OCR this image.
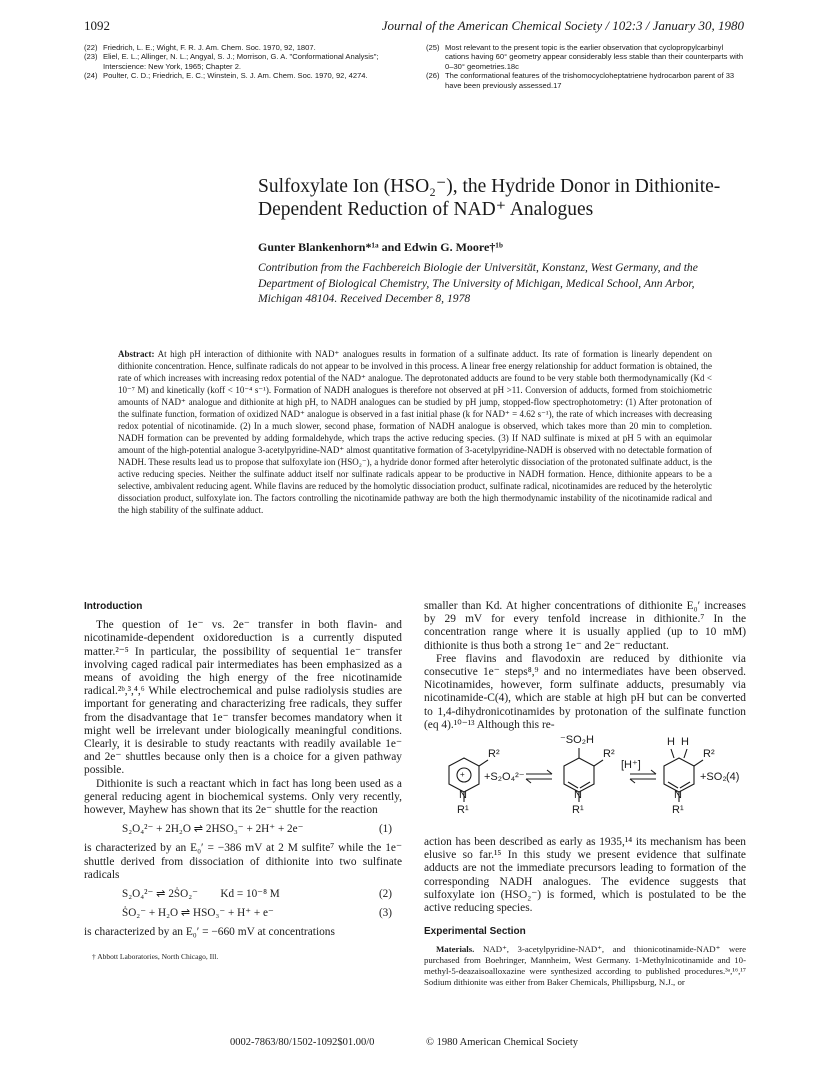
1092	Journal of the American Chemical Society / 102:3 / January 30, 1980
(22) Friedrich, L. E.; Wight, F. R. J. Am. Chem. Soc. 1970, 92, 1807.
(23) Eliel, E. L.; Allinger, N. L.; Angyal, S. J.; Morrison, G. A. "Conformational Analysis"; Interscience: New York, 1965; Chapter 2.
(24) Poulter, C. D.; Friedrich, E. C.; Winstein, S. J. Am. Chem. Soc. 1970, 92, 4274.
(25) Most relevant to the present topic is the earlier observation that cyclopropylcarbinyl cations having 60° geometry appear considerably less stable than their counterparts with 0–30° geometries.18c
(26) The conformational features of the trishomocycloheptatriene hydrocarbon parent of 33 have been previously assessed.17
Sulfoxylate Ion (HSO₂⁻), the Hydride Donor in Dithionite-Dependent Reduction of NAD⁺ Analogues
Gunter Blankenhorn*¹ᵃ and Edwin G. Moore†¹ᵇ
Contribution from the Fachbereich Biologie der Universität, Konstanz, West Germany, and the Department of Biological Chemistry, The University of Michigan, Medical School, Ann Arbor, Michigan 48104. Received December 8, 1978
Abstract: At high pH interaction of dithionite with NAD⁺ analogues results in formation of a sulfinate adduct. Its rate of formation is linearly dependent on dithionite concentration. Hence, sulfinate radicals do not appear to be involved in this process. A linear free energy relationship for adduct formation is obtained, the rate of which increases with increasing redox potential of the NAD⁺ analogue. The deprotonated adducts are found to be very stable both thermodynamically (Kd < 10⁻⁷ M) and kinetically (koff < 10⁻⁴ s⁻¹). Formation of NADH analogues is therefore not observed at pH >11. Conversion of adducts, formed from stoichiometric amounts of NAD⁺ analogue and dithionite at high pH, to NADH analogues can be studied by pH jump, stopped-flow spectrophotometry: (1) After protonation of the sulfinate function, formation of oxidized NAD⁺ analogue is observed in a fast initial phase (k for NAD⁺ = 4.62 s⁻¹), the rate of which increases with decreasing redox potential of nicotinamide. (2) In a much slower, second phase, formation of NADH analogue is observed, which takes more than 20 min to completion. NADH formation can be prevented by adding formaldehyde, which traps the active reducing species. (3) If NAD sulfinate is mixed at pH 5 with an equimolar amount of the high-potential analogue 3-acetylpyridine-NAD⁺ almost quantitative formation of 3-acetylpyridine-NADH is observed with no detectable formation of NADH. These results lead us to propose that sulfoxylate ion (HSO₂⁻), a hydride donor formed after heterolytic dissociation of the protonated sulfinate adduct, is the active reducing species. Neither the sulfinate adduct itself nor sulfinate radicals appear to be productive in NADH formation. Hence, dithionite appears to be a selective, ambivalent reducing agent. While flavins are reduced by the homolytic dissociation product, sulfinate radical, nicotinamides are reduced by the heterolytic dissociation product, sulfoxylate ion. The factors controlling the nicotinamide pathway are both the high thermodynamic instability of the nicotinamide radical and the high stability of the sulfinate adduct.
Introduction

The question of 1e⁻ vs. 2e⁻ transfer in both flavin- and nicotinamide-dependent oxidoreduction is a currently disputed matter.²⁻⁵ In particular, the possibility of sequential 1e⁻ transfer involving caged radical pair intermediates has been emphasized as a means of avoiding the high energy of the free nicotinamide radical.²ᵇ,³,⁴,⁶ While electrochemical and pulse radiolysis studies are important for generating and characterizing free radicals, they suffer from the disadvantage that 1e⁻ transfer becomes mandatory when it might well be irrelevant under biologically meaningful conditions. Clearly, it is desirable to study reactants with readily available 1e⁻ and 2e⁻ shuttles because only then is a choice for a given pathway possible.

Dithionite is such a reactant which in fact has long been used as a general reducing agent in biochemical systems. Only very recently, however, Mayhew has shown that its 2e⁻ shuttle for the reaction

S₂O₄²⁻ + 2H₂O ⇌ 2HSO₃⁻ + 2H⁺ + 2e⁻	(1)

is characterized by an E₀′ = −386 mV at 2 M sulfite⁷ while the 1e⁻ shuttle derived from dissociation of dithionite into two sulfinate radicals

S₂O₄²⁻ ⇌ 2ṠO₂⁻        Kd = 10⁻⁸ M	(2)
ṠO₂⁻ + H₂O ⇌ HSO₃⁻ + H⁺ + e⁻	(3)

is characterized by an E₀′ = −660 mV at concentrations

† Abbott Laboratories, North Chicago, Ill.

smaller than Kd. At higher concentrations of dithionite E₀′ increases by 29 mV for every tenfold increase in dithionite.⁷ In the concentration range where it is usually applied (up to 10 mM) dithionite is thus both a strong 1e⁻ and 2e⁻ reductant.

Free flavins and flavodoxin are reduced by dithionite via consecutive 1e⁻ steps⁸,⁹ and no intermediates have been observed. Nicotinamides, however, form sulfinate adducts, presumably via nicotinamide-C(4), which are stable at high pH but can be converted to 1,4-dihydronicotinamides by protonation of the sulfinate function (eq 4).¹⁰⁻¹³ Although this re-

R²
+ +S₂O₄²⁻
⁻SO₂ H
R²
[H⁺]
H  H
R²
+SO₂ (4)
N	N	N
R¹	R¹	R¹

action has been described as early as 1935,¹⁴ its mechanism has been elusive so far.¹⁵ In this study we present evidence that sulfinate adducts are not the immediate precursors leading to formation of the corresponding NADH analogues. The evidence suggests that sulfoxylate ion (HSO₂⁻) is formed, which is postulated to be the active reducing species.

Experimental Section

Materials. NAD⁺, 3-acetylpyridine-NAD⁺, and thionicotinamide-NAD⁺ were purchased from Boehringer, Mannheim, West Germany. 1-Methylnicotinamide and 10-methyl-5-deazaisoalloxazine were synthesized according to published procedures.³ᵃ,¹⁶,¹⁷ Sodium dithionite was either from Baker Chemicals, Phillipsburg, N.J., or

0002-7863/80/1502-1092$01.00/0	© 1980 American Chemical Society
